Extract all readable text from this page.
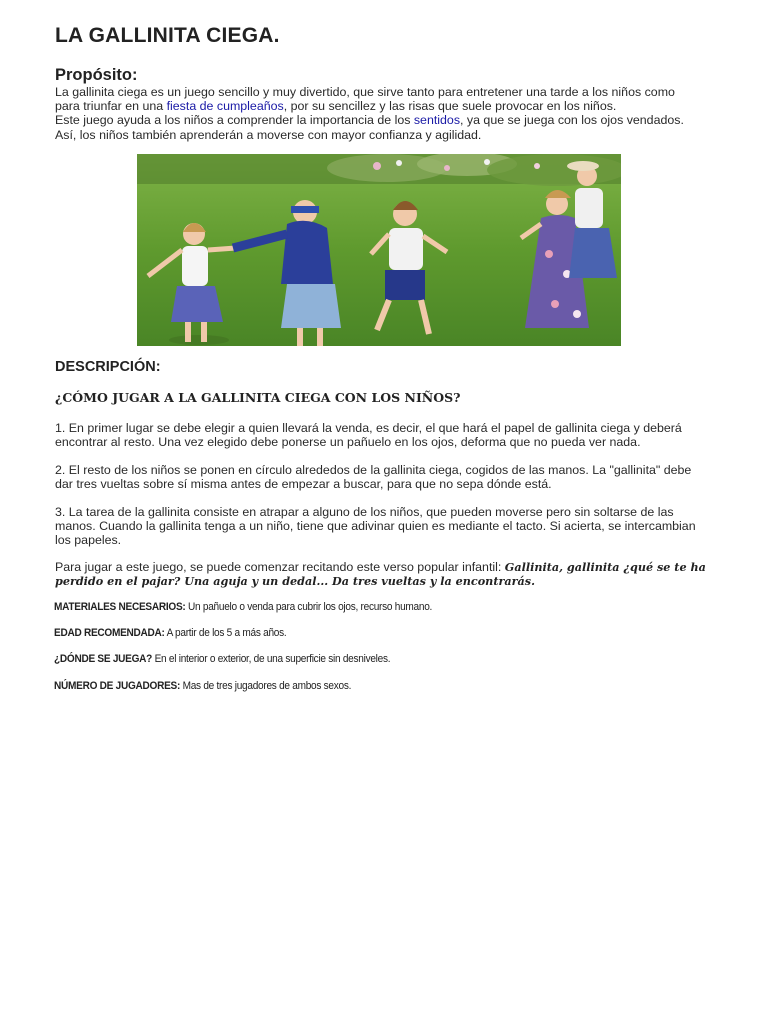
LA GALLINITA CIEGA.
Propósito:
La gallinita ciega es un juego sencillo y muy divertido, que sirve tanto para entretener una tarde a los niños como
para triunfar en una fiesta de cumpleaños, por su sencillez y las risas que suele provocar en los niños.
Este juego ayuda a los niños a comprender la importancia de los sentidos, ya que se juega con los ojos vendados.
Así, los niños también aprenderán a moverse con mayor confianza y agilidad.
DESCRIPCIÓN:
¿CÓMO JUGAR A LA GALLINITA CIEGA CON LOS NIÑOS?
1. En primer lugar se debe elegir a quien llevará la venda, es decir, el que hará el papel de gallinita ciega y deberá
encontrar al resto. Una vez elegido debe ponerse un pañuelo en los ojos, deforma que no pueda ver nada.
2. El resto de los niños se ponen en círculo alrededos de la gallinita ciega, cogidos de las manos. La "gallinita" debe
dar tres vueltas sobre sí misma antes de empezar a buscar, para que no sepa dónde está.
3. La tarea de la gallinita consiste en atrapar a alguno de los niños, que pueden moverse pero sin soltarse de las
manos. Cuando la gallinita tenga a un niño, tiene que adivinar quien es mediante el tacto. Si acierta, se intercambian
los papeles.
Para jugar a este juego, se puede comenzar recitando este verso popular infantil: Gallinita, gallinita ¿qué se te ha
perdido en el pajar? Una aguja y un dedal... Da tres vueltas y la encontrarás.
MATERIALES NECESARIOS: Un pañuelo o venda para cubrir los ojos, recurso humano.
EDAD RECOMENDADA: A partir de los 5 a más años.
¿DÓNDE SE JUEGA? En el interior o exterior, de una superficie sin desniveles.
NÚMERO DE JUGADORES: Mas de tres jugadores de ambos sexos.
